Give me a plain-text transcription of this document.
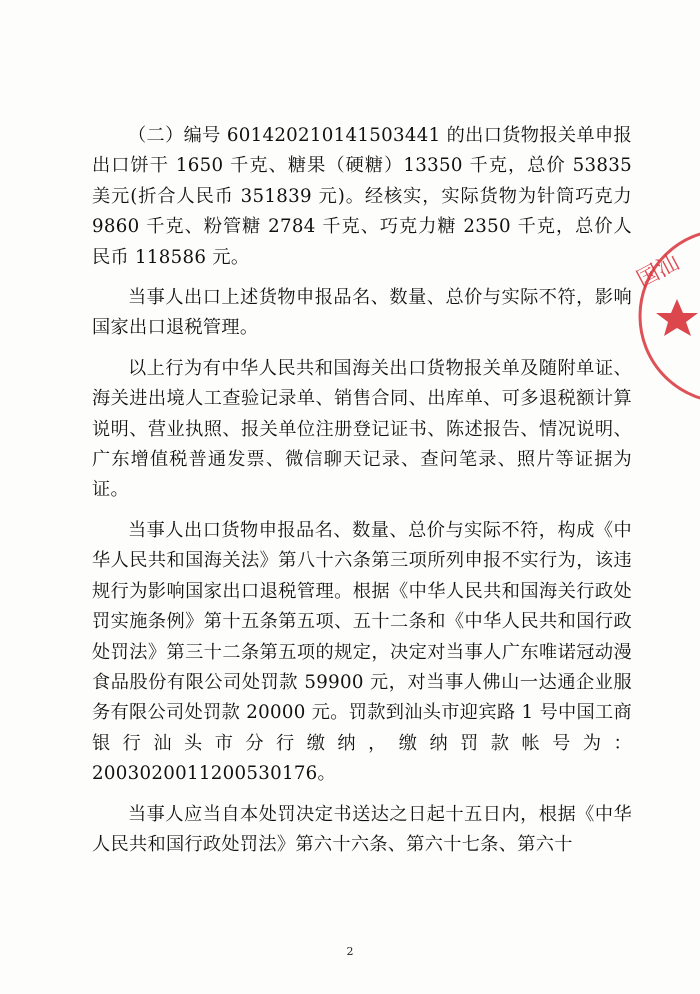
（二）编号 601420210141503441 的出口货物报关单申报出口饼干 1650 千克、糖果（硬糖）13350 千克，总价 53835 美元(折合人民币 351839 元)。经核实，实际货物为针筒巧克力 9860 千克、粉管糖 2784 千克、巧克力糖 2350 千克，总价人民币 118586 元。

当事人出口上述货物申报品名、数量、总价与实际不符，影响国家出口退税管理。

以上行为有中华人民共和国海关出口货物报关单及随附单证、海关进出境人工查验记录单、销售合同、出库单、可多退税额计算说明、营业执照、报关单位注册登记证书、陈述报告、情况说明、广东增值税普通发票、微信聊天记录、查问笔录、照片等证据为证。

当事人出口货物申报品名、数量、总价与实际不符，构成《中华人民共和国海关法》第八十六条第三项所列申报不实行为，该违规行为影响国家出口退税管理。根据《中华人民共和国海关行政处罚实施条例》第十五条第五项、五十二条和《中华人民共和国行政处罚法》第三十二条第五项的规定，决定对当事人广东唯诺冠动漫食品股份有限公司处罚款 59900 元，对当事人佛山一达通企业服务有限公司处罚款 20000 元。罚款到汕头市迎宾路 1 号中国工商银行汕头市分行缴纳，缴纳罚款帐号为：2003020011200530176。

当事人应当自本处罚决定书送达之日起十五日内，根据《中华人民共和国行政处罚法》第六十六条、第六十七条、第六十

国汕
2
